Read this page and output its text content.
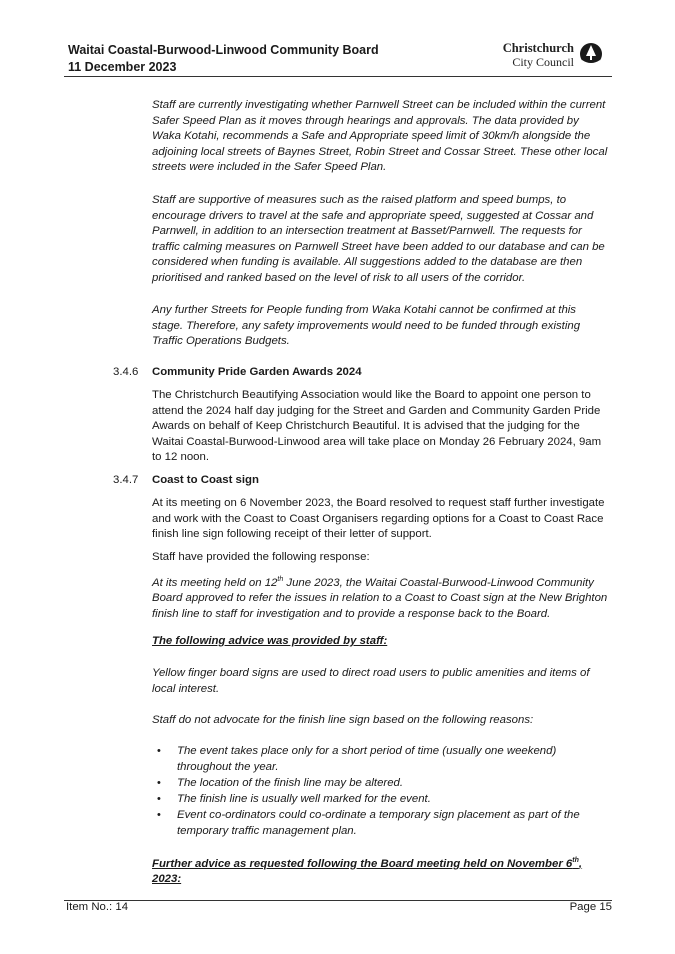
Waitai Coastal-Burwood-Linwood Community Board
11 December 2023
Christchurch
City Council
Staff are currently investigating whether Parnwell Street can be included within the current Safer Speed Plan as it moves through hearings and approvals. The data provided by Waka Kotahi, recommends a Safe and Appropriate speed limit of 30km/h alongside the adjoining local streets of Baynes Street, Robin Street and Cossar Street. These other local streets were included in the Safer Speed Plan.
Staff are supportive of measures such as the raised platform and speed bumps, to encourage drivers to travel at the safe and appropriate speed, suggested at Cossar and Parnwell, in addition to an intersection treatment at Basset/Parnwell. The requests for traffic calming measures on Parnwell Street have been added to our database and can be considered when funding is available. All suggestions added to the database are then prioritised and ranked based on the level of risk to all users of the corridor.
Any further Streets for People funding from Waka Kotahi cannot be confirmed at this stage. Therefore, any safety improvements would need to be funded through existing Traffic Operations Budgets.
3.4.6 Community Pride Garden Awards 2024
The Christchurch Beautifying Association would like the Board to appoint one person to attend the 2024 half day judging for the Street and Garden and Community Garden Pride Awards on behalf of Keep Christchurch Beautiful. It is advised that the judging for the Waitai Coastal-Burwood-Linwood area will take place on Monday 26 February 2024, 9am to 12 noon.
3.4.7 Coast to Coast sign
At its meeting on 6 November 2023, the Board resolved to request staff further investigate and work with the Coast to Coast Organisers regarding options for a Coast to Coast Race finish line sign following receipt of their letter of support.
Staff have provided the following response:
At its meeting held on 12th June 2023, the Waitai Coastal-Burwood-Linwood Community Board approved to refer the issues in relation to a Coast to Coast sign at the New Brighton finish line to staff for investigation and to provide a response back to the Board.
The following advice was provided by staff:
Yellow finger board signs are used to direct road users to public amenities and items of local interest.
Staff do not advocate for the finish line sign based on the following reasons:
• The event takes place only for a short period of time (usually one weekend) throughout the year.
• The location of the finish line may be altered.
• The finish line is usually well marked for the event.
• Event co-ordinators could co-ordinate a temporary sign placement as part of the temporary traffic management plan.
Further advice as requested following the Board meeting held on November 6th, 2023:
Item No.: 14	Page 15
